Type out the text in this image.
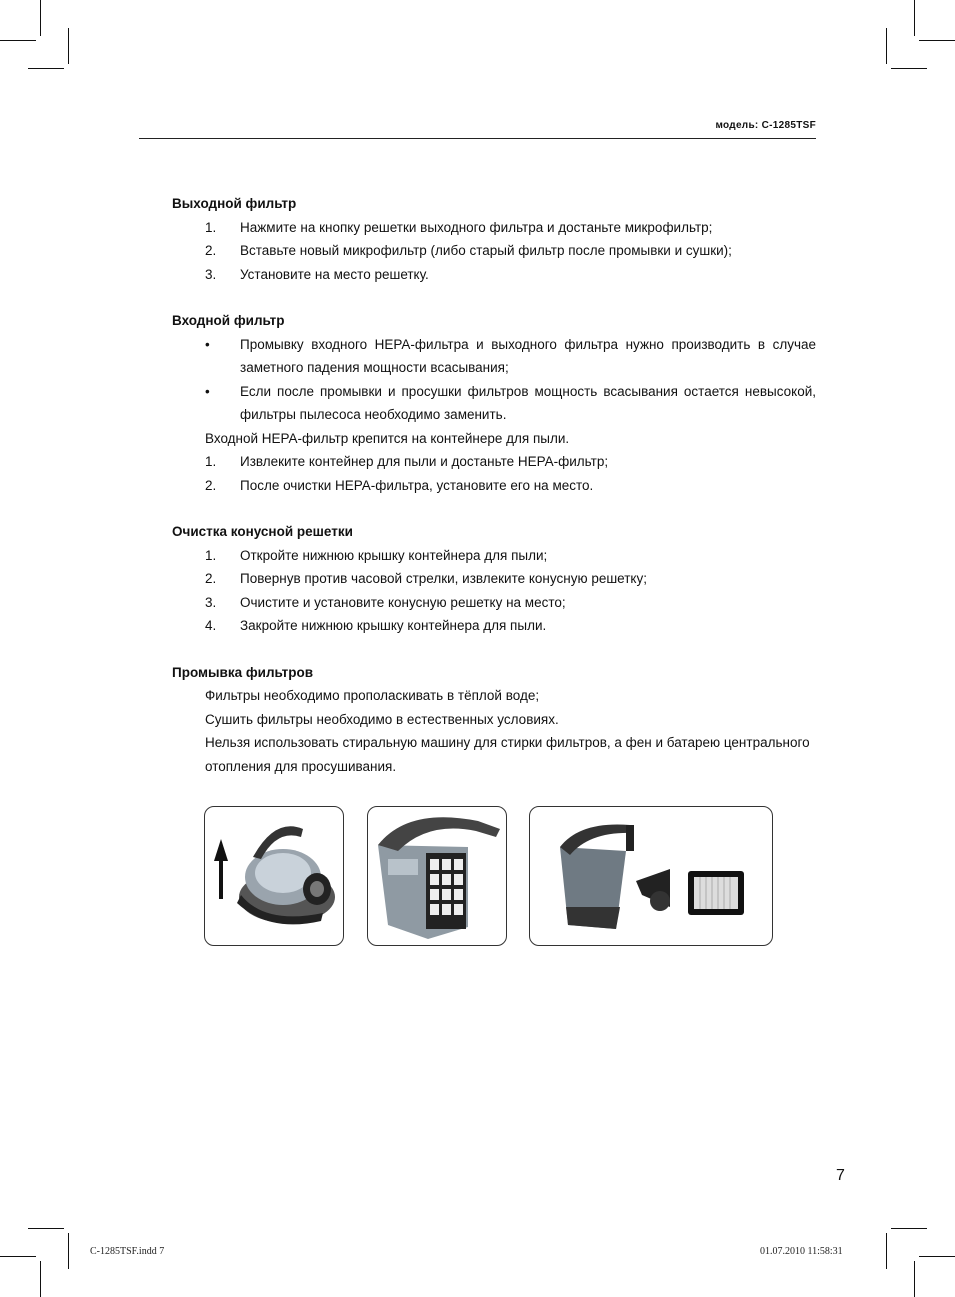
модель: C-1285TSF
Выходной фильтр
1. Нажмите на кнопку решетки выходного фильтра и достаньте микрофильтр;
2. Вставьте новый микрофильтр (либо старый фильтр после промывки и сушки);
3. Установите на место решетку.
Входной фильтр
• Промывку входного HEPA-фильтра и выходного фильтра нужно производить в случае заметного падения мощности всасывания;
• Если после промывки и просушки фильтров мощность всасывания остается невысокой, фильтры пылесоса необходимо заменить.
Входной HEPA-фильтр крепится на контейнере для пыли.
1. Извлеките контейнер для пыли и достаньте HEPA-фильтр;
2. После очистки HEPA-фильтра, установите его на место.
Очистка конусной решетки
1. Откройте нижнюю крышку контейнера для пыли;
2. Повернув против часовой стрелки, извлеките конусную решетку;
3. Очистите и установите конусную решетку на место;
4. Закройте нижнюю крышку контейнера для пыли.
Промывка фильтров
Фильтры необходимо прополаскивать в тёплой воде;
Сушить фильтры необходимо в естественных условиях.
Нельзя использовать стиральную машину для стирки фильтров, а фен и батарею центрального отопления для просушивания.
7
C-1285TSF.indd 7	01.07.2010 11:58:31
